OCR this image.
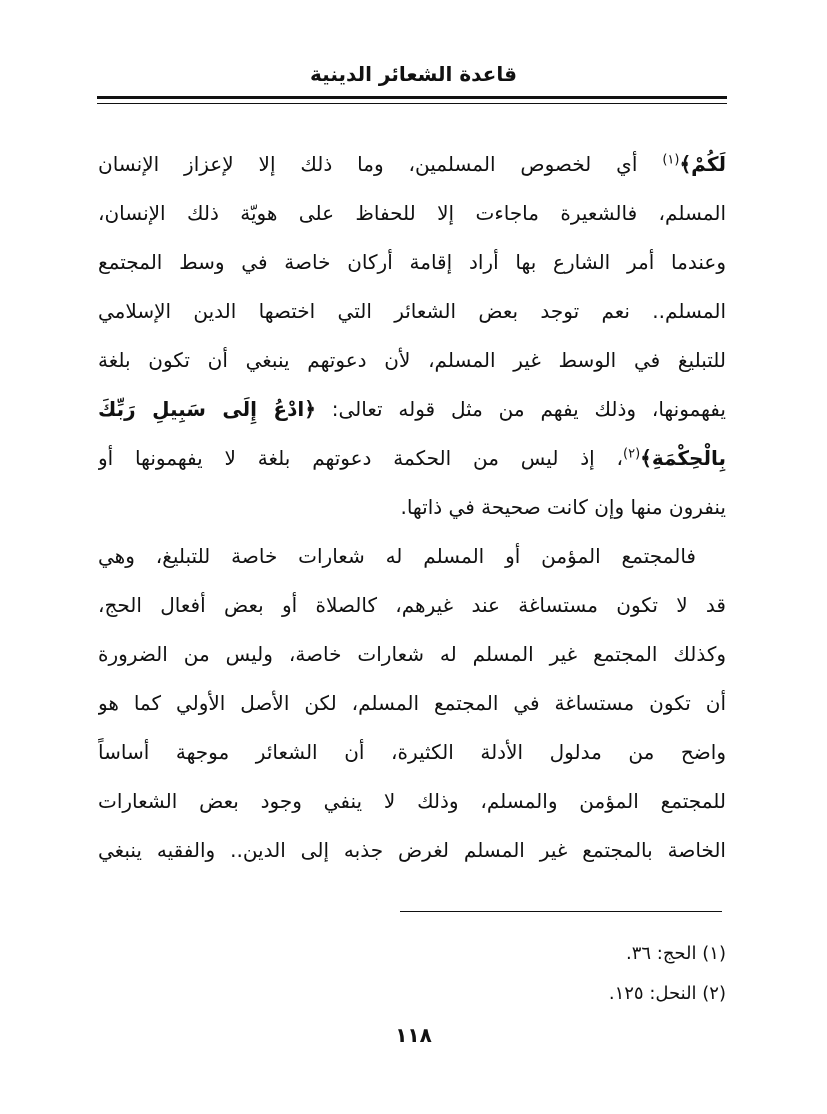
قاعدة الشعائر الدينية
لَكُمْ﴾$^{(١)}$ أي لخصوص المسلمين، وما ذلك إلا لإعزاز الإنسان
المسلم، فالشعيرة ماجاءت إلا للحفاظ على هويّة ذلك الإنسان،
وعندما أمر الشارع بها أراد إقامة أركان خاصة في وسط المجتمع
المسلم.. نعم توجد بعض الشعائر التي اختصها الدين الإسلامي
للتبليغ في الوسط غير المسلم، لأن دعوتهم ينبغي أن تكون بلغة
يفهمونها، وذلك يفهم من مثل قوله تعالى: ﴿ادْعُ إِلَى سَبِيلِ رَبِّكَ
بِالْحِكْمَةِ﴾$^{(٢)}$، إذ ليس من الحكمة دعوتهم بلغة لا يفهمونها أو
ينفرون منها وإن كانت صحيحة في ذاتها.
فالمجتمع المؤمن أو المسلم له شعارات خاصة للتبليغ، وهي
قد لا تكون مستساغة عند غيرهم، كالصلاة أو بعض أفعال الحج،
وكذلك المجتمع غير المسلم له شعارات خاصة، وليس من الضرورة
أن تكون مستساغة في المجتمع المسلم، لكن الأصل الأولي كما هو
واضح من مدلول الأدلة الكثيرة، أن الشعائر موجهة أساساً
للمجتمع المؤمن والمسلم، وذلك لا ينفي وجود بعض الشعارات
الخاصة بالمجتمع غير المسلم لغرض جذبه إلى الدين.. والفقيه ينبغي
(١) الحج: ٣٦.
(٢) النحل: ١٢٥.
١١٨
